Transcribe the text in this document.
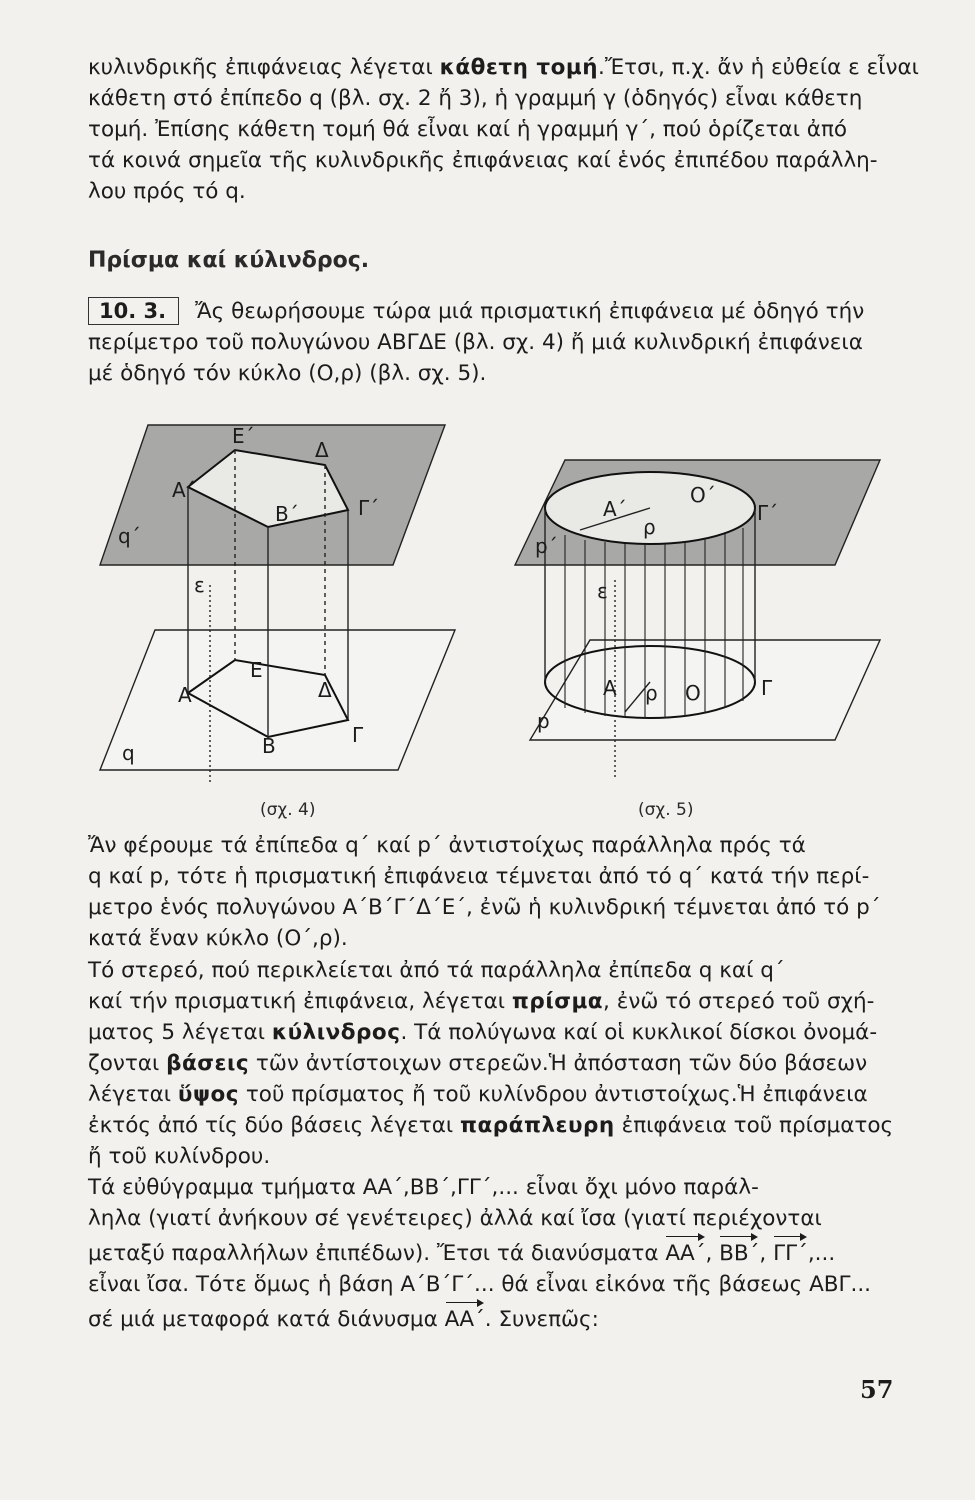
κυλινδρικῆς ἐπιφάνειας λέγεται κάθετη τομή.Ἔτσι, π.χ. ἄν ἡ εὐθεία ε εἶναι
κάθετη στό ἐπίπεδο q (βλ. σχ. 2 ἤ 3), ἡ γραμμή γ (ὁδηγός) εἶναι κάθετη
τομή. Ἐπίσης κάθετη τομή θά εἶναι καί ἡ γραμμή γ΄, πού ὁρίζεται ἀπό
τά κοινά σημεῖα τῆς κυλινδρικῆς ἐπιφάνειας καί ἑνός ἐπιπέδου παράλλη-
λου πρός τό q.

Πρίσμα καί κύλινδρος.

10. 3. Ἄς θεωρήσουμε τώρα μιά πρισματική ἐπιφάνεια μέ ὁδηγό τήν
περίμετρο τοῦ πολυγώνου ΑΒΓΔΕ (βλ. σχ. 4) ἤ μιά κυλινδρική ἐπιφάνεια
μέ ὁδηγό τόν κύκλο (Ο,ρ) (βλ. σχ. 5).

Ε΄
Δ
Α΄
Β΄	Γ΄
q΄
ε
Ε
Δ
Α
Β	Γ
q
(σχ. 4)
Α΄
Ο΄
ρ
Γ΄
p΄
ε
Α ρ Ο	Γ
p
(σχ. 5)

Ἄν φέρουμε τά ἐπίπεδα q΄ καί p΄ ἀντιστοίχως παράλληλα πρός τά
q καί p, τότε ἡ πρισματική ἐπιφάνεια τέμνεται ἀπό τό q΄ κατά τήν περί-
μετρο ἑνός πολυγώνου Α΄Β΄Γ΄Δ΄Ε΄, ἐνῶ ἡ κυλινδρική τέμνεται ἀπό τό p΄
κατά ἕναν κύκλο (Ο΄,ρ).

Τό στερεό, πού περικλείεται ἀπό τά παράλληλα ἐπίπεδα q καί q΄
καί τήν πρισματική ἐπιφάνεια, λέγεται πρίσμα, ἐνῶ τό στερεό τοῦ σχή-
ματος 5 λέγεται κύλινδρος. Τά πολύγωνα καί οἱ κυκλικοί δίσκοι ὀνομά-
ζονται βάσεις τῶν ἀντίστοιχων στερεῶν.Ἡ ἀπόσταση τῶν δύο βάσεων
λέγεται ὕψος τοῦ πρίσματος ἤ τοῦ κυλίνδρου ἀντιστοίχως.Ἡ ἐπιφάνεια
ἐκτός ἀπό τίς δύο βάσεις λέγεται παράπλευρη ἐπιφάνεια τοῦ πρίσματος
ἤ τοῦ κυλίνδρου.

Τά εὐθύγραμμα τμήματα ΑΑ΄,ΒΒ΄,ΓΓ΄,... εἶναι ὄχι μόνο παράλ-
ληλα (γιατί ἀνήκουν σέ γενέτειρες) ἀλλά καί ἴσα (γιατί περιέχονται
μεταξύ παραλλήλων ἐπιπέδων). Ἔτσι τά διανύσματα ΑΑ΄, ΒΒ΄, ΓΓ΄,...
εἶναι ἴσα. Τότε ὅμως ἡ βάση Α΄Β΄Γ΄... θά εἶναι εἰκόνα τῆς βάσεως ΑΒΓ...
σέ μιά μεταφορά κατά διάνυσμα ΑΑ΄. Συνεπῶς:

57
